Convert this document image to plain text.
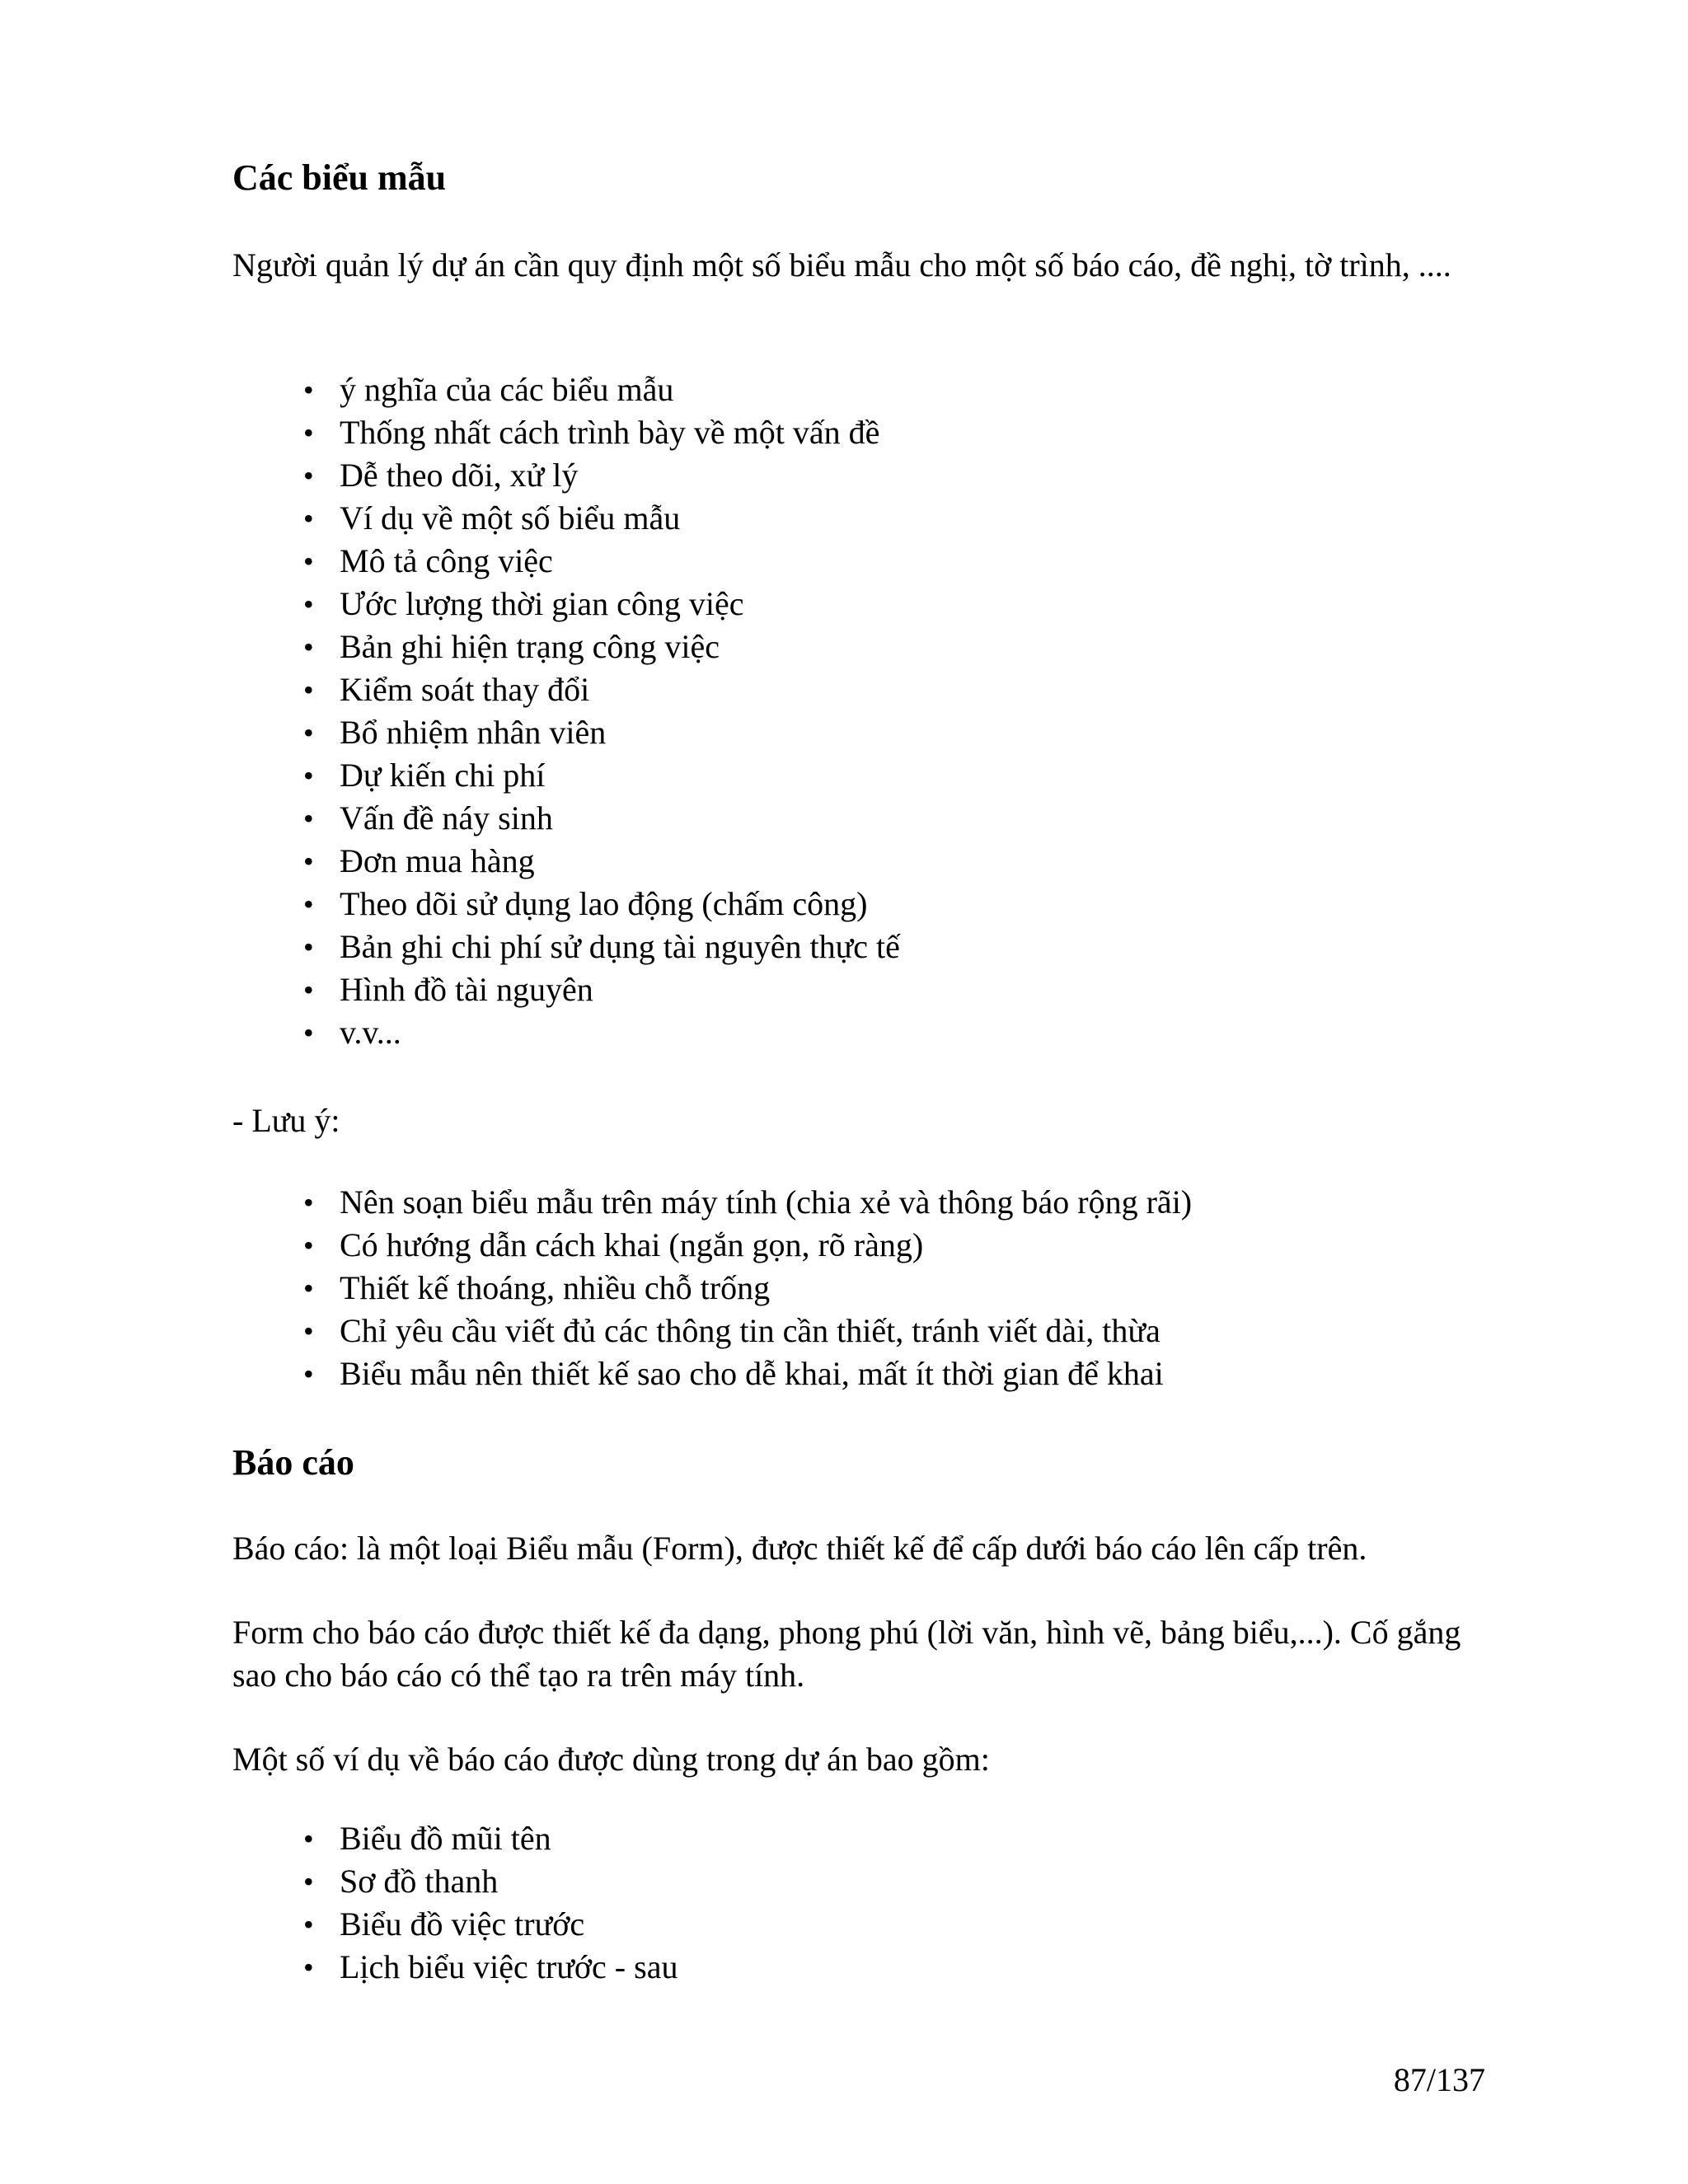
Các biểu mẫu

Người quản lý dự án cần quy định một số biểu mẫu cho một số báo cáo, đề nghị, tờ trình, ....

• ý nghĩa của các biểu mẫu
• Thống nhất cách trình bày về một vấn đề
• Dễ theo dõi, xử lý
• Ví dụ về một số biểu mẫu
• Mô tả công việc
• Ước lượng thời gian công việc
• Bản ghi hiện trạng công việc
• Kiểm soát thay đổi
• Bổ nhiệm nhân viên
• Dự kiến chi phí
• Vấn đề náy sinh
• Đơn mua hàng
• Theo dõi sử dụng lao động (chấm công)
• Bản ghi chi phí sử dụng tài nguyên thực tế
• Hình đồ tài nguyên
• v.v...

- Lưu ý:

• Nên soạn biểu mẫu trên máy tính (chia xẻ và thông báo rộng rãi)
• Có hướng dẫn cách khai (ngắn gọn, rõ ràng)
• Thiết kế thoáng, nhiều chỗ trống
• Chỉ yêu cầu viết đủ các thông tin cần thiết, tránh viết dài, thừa
• Biểu mẫu nên thiết kế sao cho dễ khai, mất ít thời gian để khai
Báo cáo

Báo cáo: là một loại Biểu mẫu (Form), được thiết kế để cấp dưới báo cáo lên cấp trên.

Form cho báo cáo được thiết kế đa dạng, phong phú (lời văn, hình vẽ, bảng biểu,...). Cố gắng sao cho báo cáo có thể tạo ra trên máy tính.

Một số ví dụ về báo cáo được dùng trong dự án bao gồm:

• Biểu đồ mũi tên
• Sơ đồ thanh
• Biểu đồ việc trước
• Lịch biểu việc trước - sau
87/137
